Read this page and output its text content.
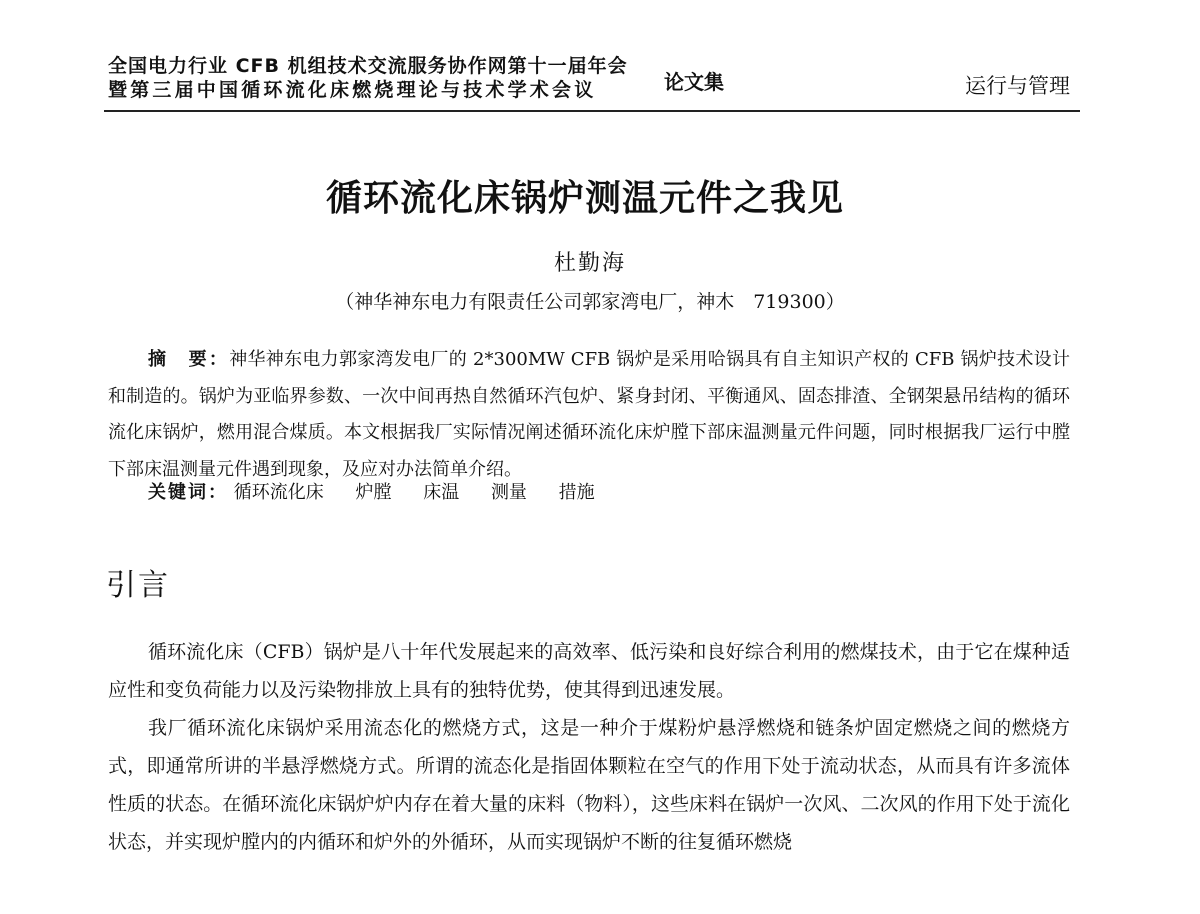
全国电力行业 CFB 机组技术交流服务协作网第十一届年会
暨第三届中国循环流化床燃烧理论与技术学术会议	论文集	运行与管理
循环流化床锅炉测温元件之我见
杜勤海
（神华神东电力有限责任公司郭家湾电厂，神木　719300）

摘　要：神华神东电力郭家湾发电厂的 2*300MW CFB 锅炉是采用哈锅具有自主知识产权的 CFB 锅炉技术设计和制造的。锅炉为亚临界参数、一次中间再热自然循环汽包炉、紧身封闭、平衡通风、固态排渣、全钢架悬吊结构的循环流化床锅炉，燃用混合煤质。本文根据我厂实际情况阐述循环流化床炉膛下部床温测量元件问题，同时根据我厂运行中膛下部床温测量元件遇到现象，及应对办法简单介绍。

关键词： 循环流化床 炉膛 床温 测量 措施
引言

循环流化床（CFB）锅炉是八十年代发展起来的高效率、低污染和良好综合利用的燃煤技术，由于它在煤种适应性和变负荷能力以及污染物排放上具有的独特优势，使其得到迅速发展。

我厂循环流化床锅炉采用流态化的燃烧方式，这是一种介于煤粉炉悬浮燃烧和链条炉固定燃烧之间的燃烧方式，即通常所讲的半悬浮燃烧方式。所谓的流态化是指固体颗粒在空气的作用下处于流动状态，从而具有许多流体性质的状态。在循环流化床锅炉炉内存在着大量的床料（物料），这些床料在锅炉一次风、二次风的作用下处于流化状态，并实现炉膛内的内循环和炉外的外循环，从而实现锅炉不断的往复循环燃烧
